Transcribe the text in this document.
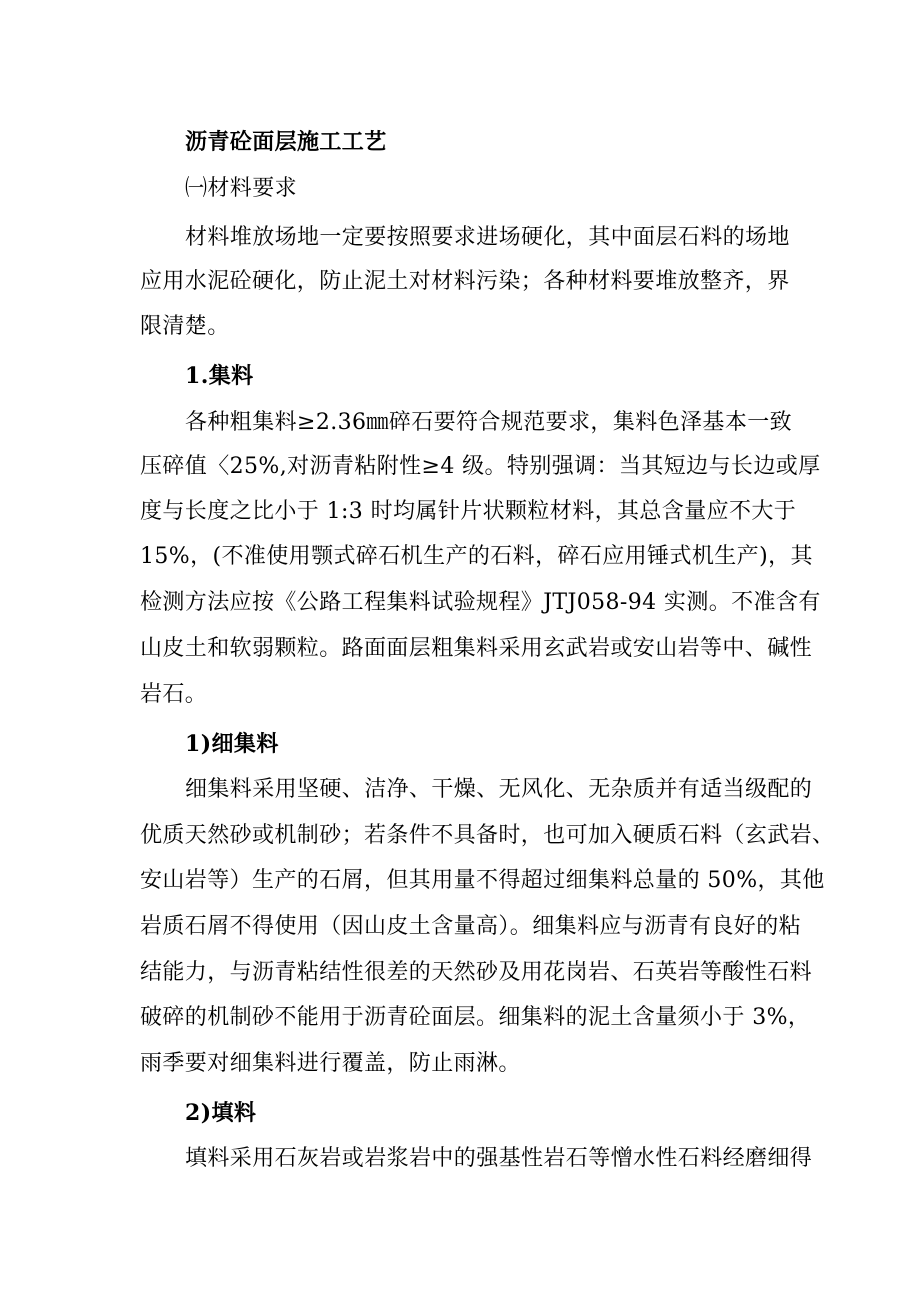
沥青砼面层施工工艺
㈠材料要求
材料堆放场地一定要按照要求进场硬化，其中面层石料的场地
应用水泥砼硬化，防止泥土对材料污染；各种材料要堆放整齐，界
限清楚。
1.集料
各种粗集料≥2.36㎜碎石要符合规范要求，集料色泽基本一致
压碎值〈25%,对沥青粘附性≥4 级。特别强调：当其短边与长边或厚
度与长度之比小于 1:3 时均属针片状颗粒材料，其总含量应不大于
15%，(不准使用颚式碎石机生产的石料，碎石应用锤式机生产)，其
检测方法应按《公路工程集料试验规程》JTJ058-94 实测。不准含有
山皮土和软弱颗粒。路面面层粗集料采用玄武岩或安山岩等中、碱性
岩石。
1)细集料
细集料采用坚硬、洁净、干燥、无风化、无杂质并有适当级配的
优质天然砂或机制砂；若条件不具备时，也可加入硬质石料（玄武岩、
安山岩等）生产的石屑，但其用量不得超过细集料总量的 50%，其他
岩质石屑不得使用（因山皮土含量高）。细集料应与沥青有良好的粘
结能力，与沥青粘结性很差的天然砂及用花岗岩、石英岩等酸性石料
破碎的机制砂不能用于沥青砼面层。细集料的泥土含量须小于 3%，
雨季要对细集料进行覆盖，防止雨淋。
2)填料
填料采用石灰岩或岩浆岩中的强基性岩石等憎水性石料经磨细得
